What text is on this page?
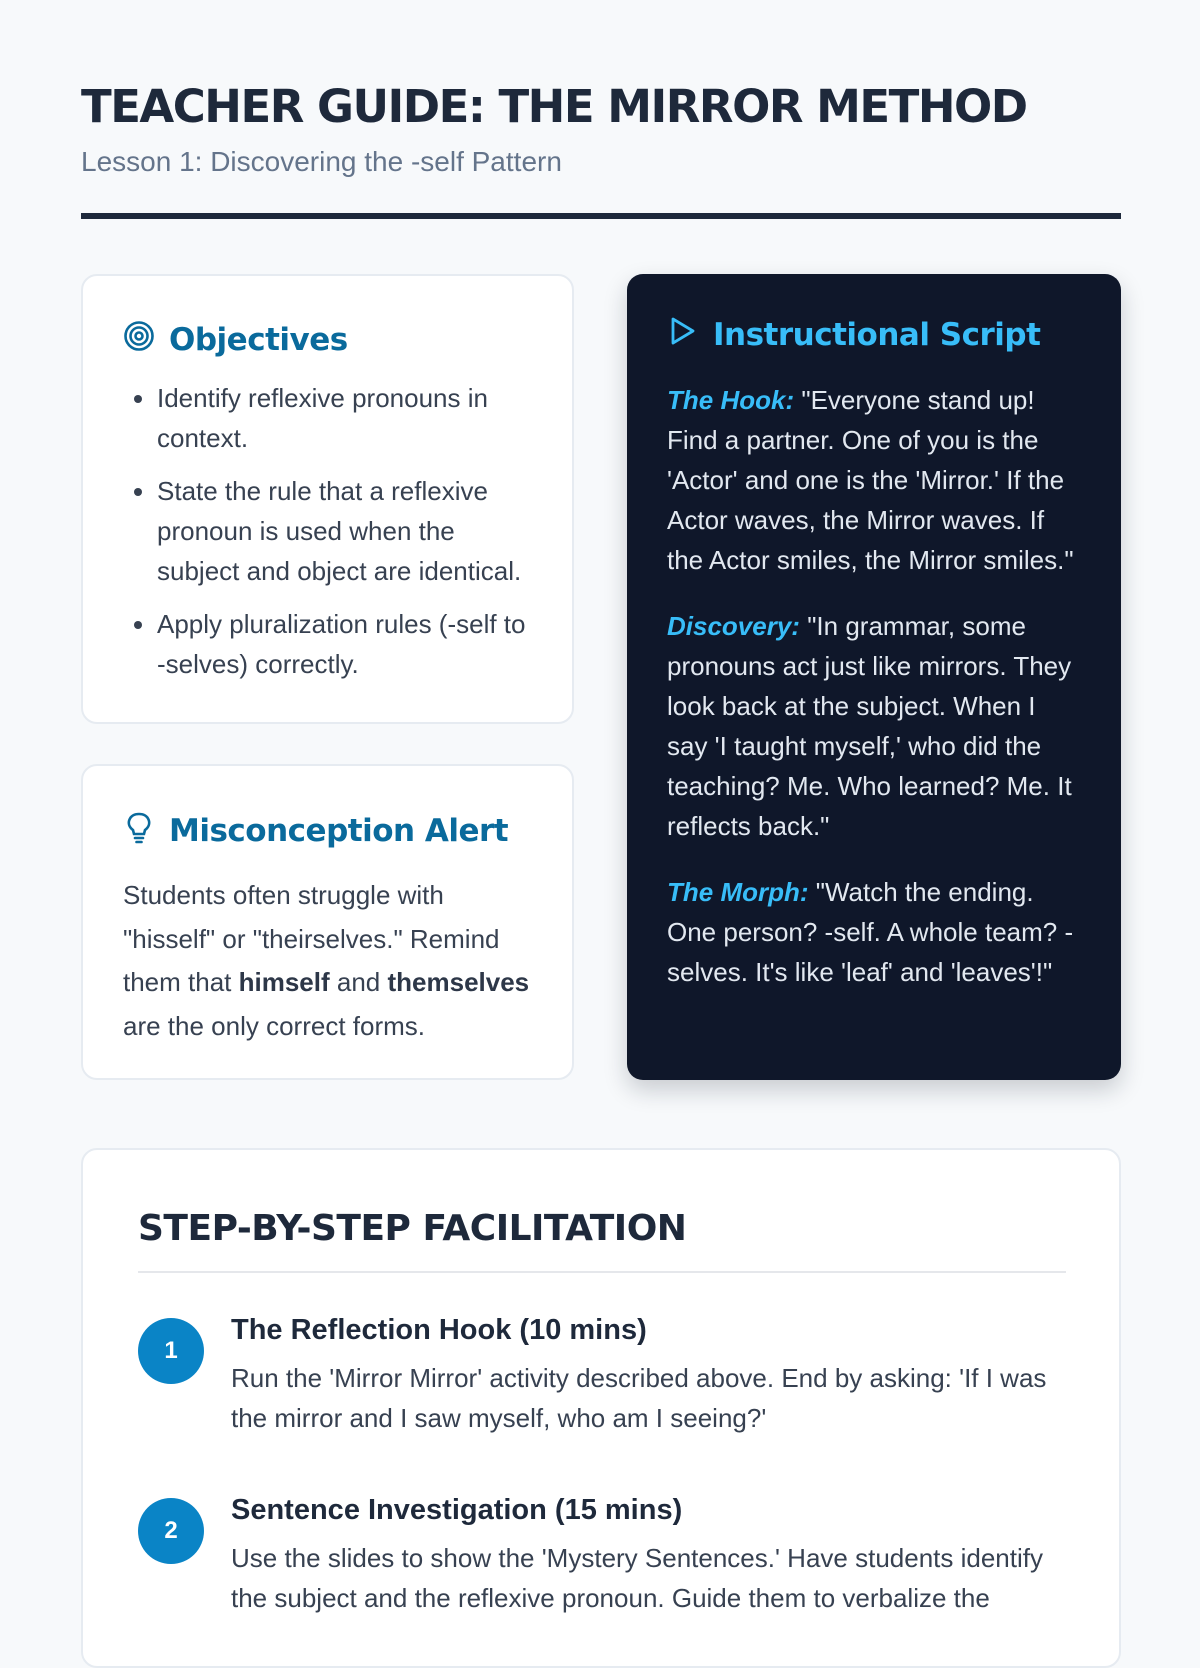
TEACHER GUIDE: THE MIRROR METHOD

Lesson 1: Discovering the -self Pattern

Objectives
• Identify reflexive pronouns in context.
• State the rule that a reflexive pronoun is used when the subject and object are identical.
• Apply pluralization rules (-self to -selves) correctly.
Misconception Alert

Students often struggle with "hisself" or "theirselves." Remind them that himself and themselves are the only correct forms.

Instructional Script

The Hook: "Everyone stand up! Find a partner. One of you is the 'Actor' and one is the 'Mirror.' If the Actor waves, the Mirror waves. If the Actor smiles, the Mirror smiles."

Discovery: "In grammar, some pronouns act just like mirrors. They look back at the subject. When I say 'I taught myself,' who did the teaching? Me. Who learned? Me. It reflects back."

The Morph: "Watch the ending. One person? -self. A whole team? -selves. It's like 'leaf' and 'leaves'!"

STEP-BY-STEP FACILITATION
1

The Reflection Hook (10 mins)

Run the 'Mirror Mirror' activity described above. End by asking: 'If I was the mirror and I saw myself, who am I seeing?'

2

Sentence Investigation (15 mins)

Use the slides to show the 'Mystery Sentences.' Have students identify the subject and the reflexive pronoun. Guide them to verbalize the
